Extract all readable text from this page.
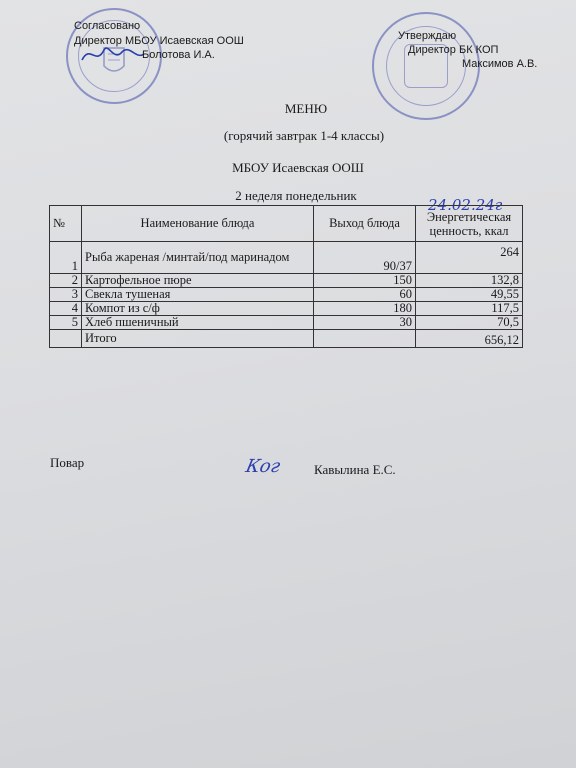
Согласовано
Директор МБОУ Исаевская ООШ
Болотова И.А.
Утверждаю
Директор БК КОП
Максимов А.В.
МЕНЮ
(горячий завтрак 1-4 классы)
МБОУ Исаевская ООШ
2 неделя понедельник
24.02.24г
№	Наименование блюда	Выход блюда	Энергетическая ценность, ккал
1	Рыба жареная /минтай/под маринадом	90/37	264
2	Картофельное пюре	150	132,8
3	Свекла тушеная	60	49,55
4	Компот из с/ф	180	117,5
5	Хлеб пшеничный	30	70,5
	Итого		656,12
Повар	Ког Кавылина Е.С.
